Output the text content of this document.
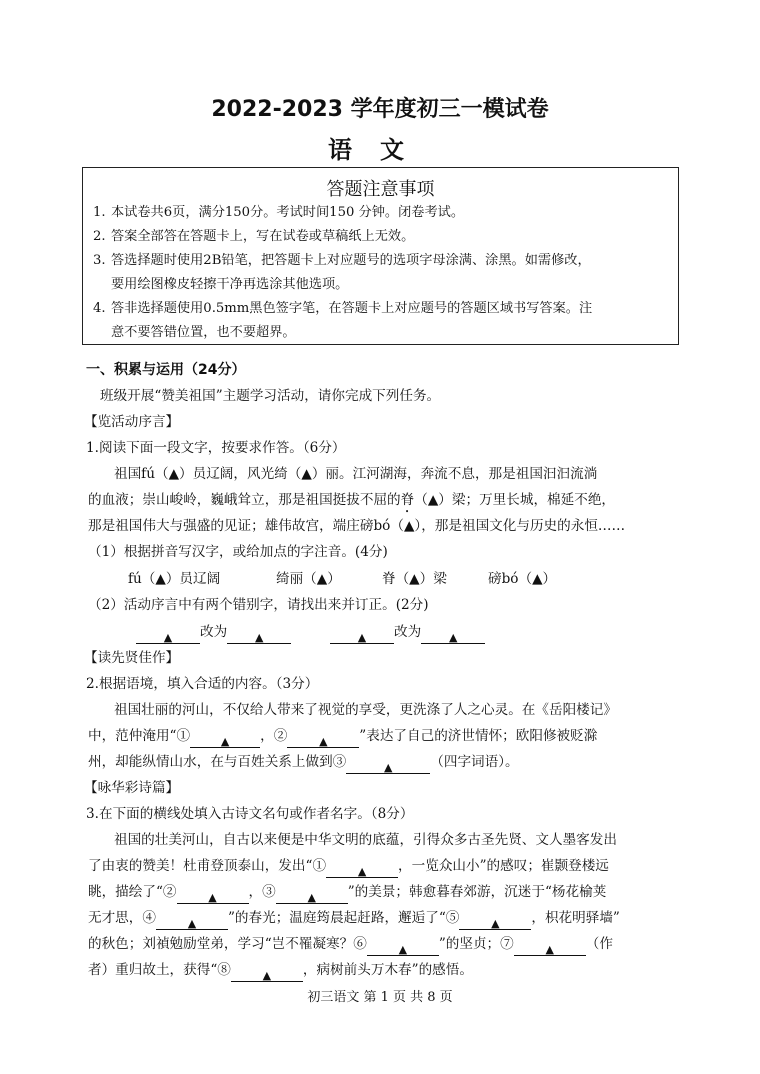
2022-2023 学年度初三一模试卷
语文
答题注意事项
1. 本试卷共6页，满分150分。考试时间150 分钟。闭卷考试。
2. 答案全部答在答题卡上，写在试卷或草稿纸上无效。
3. 答选择题时使用2B铅笔，把答题卡上对应题号的选项字母涂满、涂黑。如需修改，
要用绘图橡皮轻擦干净再选涂其他选项。
4. 答非选择题使用0.5mm黑色签字笔，在答题卡上对应题号的答题区域书写答案。注
意不要答错位置，也不要超界。
一、积累与运用（24分）
班级开展“赞美祖国”主题学习活动，请你完成下列任务。
【览活动序言】
1.阅读下面一段文字，按要求作答。（6分）
祖国fú（▲）员辽阔，风光绮（▲）丽。江河湖海，奔流不息，那是祖国汩汩流淌
的血液；崇山峻岭，巍峨耸立，那是祖国挺拔不屈的脊（▲）梁；万里长城，棉延不绝，
那是祖国伟大与强盛的见证；雄伟故宫，端庄磅bó（▲），那是祖国文化与历史的永恒……
（1）根据拼音写汉字，或给加点的字注音。(4分)
fú（▲）员辽阔	绮丽（▲）	脊（▲）梁	磅bó（▲）
（2）活动序言中有两个错别字，请找出来并订正。(2分)
▲ 改为	▲	▲ 改为	▲
【读先贤佳作】
2.根据语境，填入合适的内容。（3分）
祖国壮丽的河山，不仅给人带来了视觉的享受，更洗涤了人之心灵。在《岳阳楼记》
中，范仲淹用“①	▲ ，②	▲ ”表达了自己的济世情怀；欧阳修被贬滁
州，却能纵情山水，在与百姓关系上做到③	▲	（四字词语）。
【咏华彩诗篇】
3.在下面的横线处填入古诗文名句或作者名字。（8分）
祖国的壮美河山，自古以来便是中华文明的底蕴，引得众多古圣先贤、文人墨客发出
了由衷的赞美！杜甫登顶泰山，发出“①	▲ ，一览众山小”的感叹；崔颢登楼远
眺，描绘了“②	▲ ，③	▲ ”的美景；韩愈暮春郊游，沉迷于“杨花榆荚
无才思，④	▲ ”的春光；温庭筠晨起赶路，邂逅了“⑤	▲ ，枳花明驿墙”
的秋色；刘禎勉励堂弟，学习“岂不罹凝寒？⑥	▲ ”的坚贞；⑦	▲ （作
者）重归故土，获得“⑧	▲ ，病树前头万木春”的感悟。
初三语文 第 1 页 共 8 页
